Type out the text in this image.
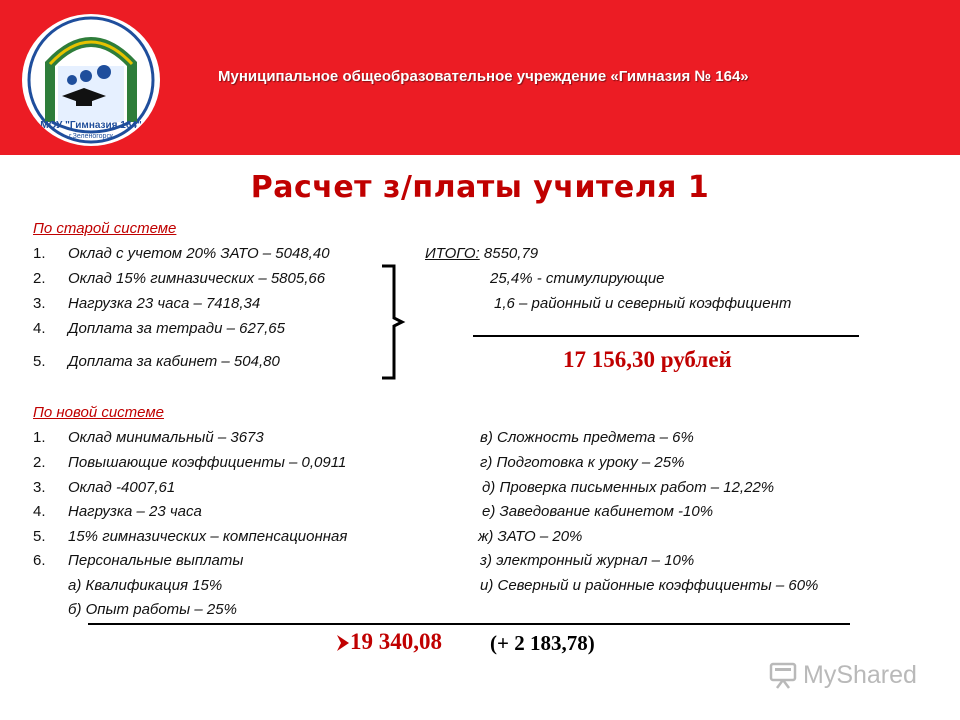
МОУ "Гимназия 164"
г.Зеленогорск
Муниципальное общеобразовательное учреждение «Гимназия № 164»
Расчет з/платы учителя 1
По старой системе
1. Оклад с учетом 20% ЗАТО – 5048,40
2. Оклад 15% гимназических – 5805,66
3. Нагрузка 23 часа – 7418,34
4. Доплата за тетради – 627,65
5. Доплата за кабинет – 504,80
ИТОГО: 8550,79
25,4% - стимулирующие
1,6 – районный и северный коэффициент
17 156,30 рублей
По новой системе
1. Оклад минимальный – 3673
2. Повышающие коэффициенты – 0,0911
3. Оклад -4007,61
4. Нагрузка – 23 часа
5. 15% гимназических – компенсационная
6. Персональные выплаты
а) Квалификация 15%
б) Опыт работы – 25%
в) Сложность предмета – 6%
г) Подготовка к уроку – 25%
д) Проверка письменных работ – 12,22%
е) Заведование кабинетом -10%
ж) ЗАТО – 20%
з) электронный журнал – 10%
и) Северный и районные коэффициенты – 60%
19 340,08 (+ 2 183,78)
MyShared
